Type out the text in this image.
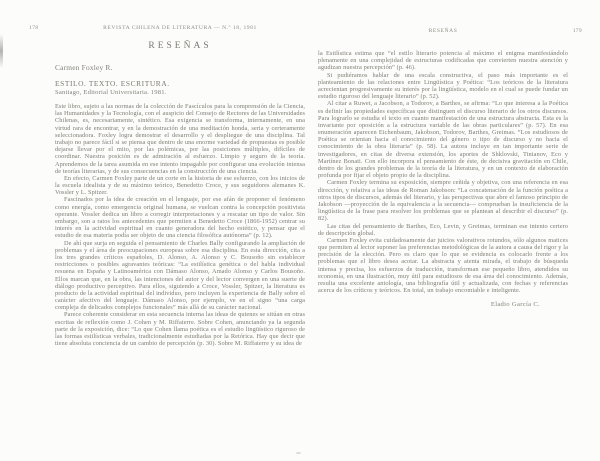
178	REVISTA CHILENA DE LITERATURA — N.º 18, 1981
RESEÑAS
Carmen Foxley R.
ESTILO. TEXTO. ESCRITURA.
Santiago, Editorial Universitaria. 1981.

Este libro, sujeto a las normas de la colección de Fascículos para la comprensión de la Ciencia, las Humanidades y la Tecnología, con el auspicio del Consejo de Rectores de las Universidades Chilenas, es, necesariamente, sintético. Esa exigencia se transforma, internamente, en una virtud rara de encontrar, y en la demostración de una meditación honda, seria y certeramente seleccionadora. Foxley logra demostrar el desarrollo y el despliegue de una disciplina. Tal trabajo no parece fácil si se piensa que dentro de una enorme variedad de propuestas es posible dejarse llevar por el mito, por las polémicas, por las posiciones múltiples, difíciles de coordinar. Nuestra posición es de admiración al esfuerzo. Limpio y seguro de la teoría. Aprendemos de la tarea asumida en ese intento impagable por configurar una evolución intensa de teorías literarias, y de sus consecuencias en la construcción de una ciencia.

En efecto, Carmen Foxley parte de un corte en la historia de ese esfuerzo, con los inicios de la escuela idealista y de su máximo teórico, Benedetto Croce, y sus seguidores alemanes K. Vossler y L. Spitzer.

Fascinados por la idea de creación en el lenguaje, por ese afán de proponer el fenómeno como energía, como emergencia original humana, se vuelcan contra la concepción positivista operante. Vossler dedica un libro a corregir interpretaciones y a rescatar un tipo de valor. Sin embargo, son a ratos los antecedentes que permiten a Benedetto Croce (1866-1952) centrar su interés en la actividad espiritual en cuanto generadora del hecho estético, y pensar que el estudio de esa materia podía ser objeto de una ciencia filosófica autónoma” (p. 12).

De ahí que surja en seguida el pensamiento de Charles Bally configurando la ampliación de problemas y el área de preocupaciones europeas sobre esa disciplina. En esta dirección, cita a los tres grandes críticos españoles, D. Alonso, A. Alonso y C. Bousoño sin establecer restricciones o posibles agravantes teóricas: “La estilística genética o del habla individual resuena en España y Latinoamérica con Dámaso Alonso, Amado Alonso y Carlos Bousoño. Ellos marcan que, en la obra, las intenciones del autor y del lector convergen en una suerte de diálogo productivo perceptivo. Para ellos, siguiendo a Croce, Vossler, Spitzer, la literatura es producto de la actividad espiritual del individuo, pero incluyen la experiencia de Bally sobre el carácter afectivo del lenguaje. Dámaso Alonso, por ejemplo, ve en el signo “una carga compleja de delicados complejos funcionales” más allá de su carácter nacional.

Parece coherente considerar en esta secuencia interna las ideas de quienes se sitúan en otras escritas de reflexión como J. Cohen y M. Riffaterre. Sobre Cohen, anunciando ya la segunda parte de la exposición, dice: “Lo que Cohen llama poética es el estudio lingüístico riguroso de las formas estilísticas verbales, tradicionalmente estudiadas por la Retórica. Hay que decir que tiene absoluta conciencia de un cambio de percepción (p. 30). Sobre M. Riffaterre y su idea de

RESEÑAS	179

la Estilística estima que “el estilo literario potencia al máximo el enigma manifestándolo plenamente en una complejidad de estructuras codificadas que convierten nuestra atención y agudizan nuestra percepción” (p. 46).

Si pudiéramos hablar de una escala constructiva, el paso más importante es el planteamiento de las relaciones entre Lingüística y Poética: “Los teóricos de la literatura acrecientan progresivamente su interés por la lingüística, modelo en el cual se puede fundar un estudio riguroso del lenguaje literario” (p. 52).

Al citar a Ruwet, a Jacobson, a Todorov, a Barthes, se afirma: “Lo que interesa a la Poética es definir las propiedades específicas que distinguen el discurso literario de los otros discursos. Para lograrlo se estudia el texto en cuanto manifestación de una estructura abstracta. Esta es la invariante por oposición a la estructura variable de las obras particulares” (p. 57). En esa enumeración aparecen Eichenbaum, Jakobson, Todorov, Barthes, Greimas. “Los estudiosos de Poética se orientan hacia el conocimiento del género o tipo de discurso y no hacia el conocimiento de la obra literaria” (p. 58). La autora incluye en tan importante serie de investigadores, en citas de diversa extensión, los aportes de Shklovski, Tinianov, Eco y Martínez Bonati. Con ello incorpora el pensamiento de éste, de decisiva gravitación en Chile, dentro de los grandes problemas de la teoría de la literatura, y en un contexto de elaboración profunda por fijar el objeto propio de la disciplina.

Carmen Foxley termina su exposición, siempre ceñida y objetiva, con una referencia en esa dirección, y relativa a las ideas de Roman Jakobson: “La concatenación de la función poética a otros tipos de discursos, además del literario, y las perspectivas que abre el famoso principio de Jakobson —proyección de la equivalencia a la secuencia— comprueban la insuficiencia de la lingüística de la frase para resolver los problemas que se plantean al describir el discurso” (p. 82).

Las citas del pensamiento de Barthes, Eco, Levin, y Greimas, terminan ese intento certero de descripción global.

Carmen Foxley evita cuidadosamente dar juicios valorativos rotundos, sólo algunos matices que permiten al lector suponer las preferencias metodológicas de la autora a causa del rigor y la precisión de la elección. Pero es claro que lo que se evidencia es colocarlo frente a los problemas que el libro desea acotar. La abstracta y atenta mirada, el trabajo de búsqueda intensa y precisa, los esfuerzos de traducción, transforman ese pequeño libro, atendidos su economía, en una ilustración, muy útil para estudiosos de esa área del conocimiento. Además, resulta una excelente antología, una bibliografía útil y actualizada, con fechas y referencias acerca de los críticos y teóricos. En total, un trabajo encomiable e inteligente.

Eladio García C.
